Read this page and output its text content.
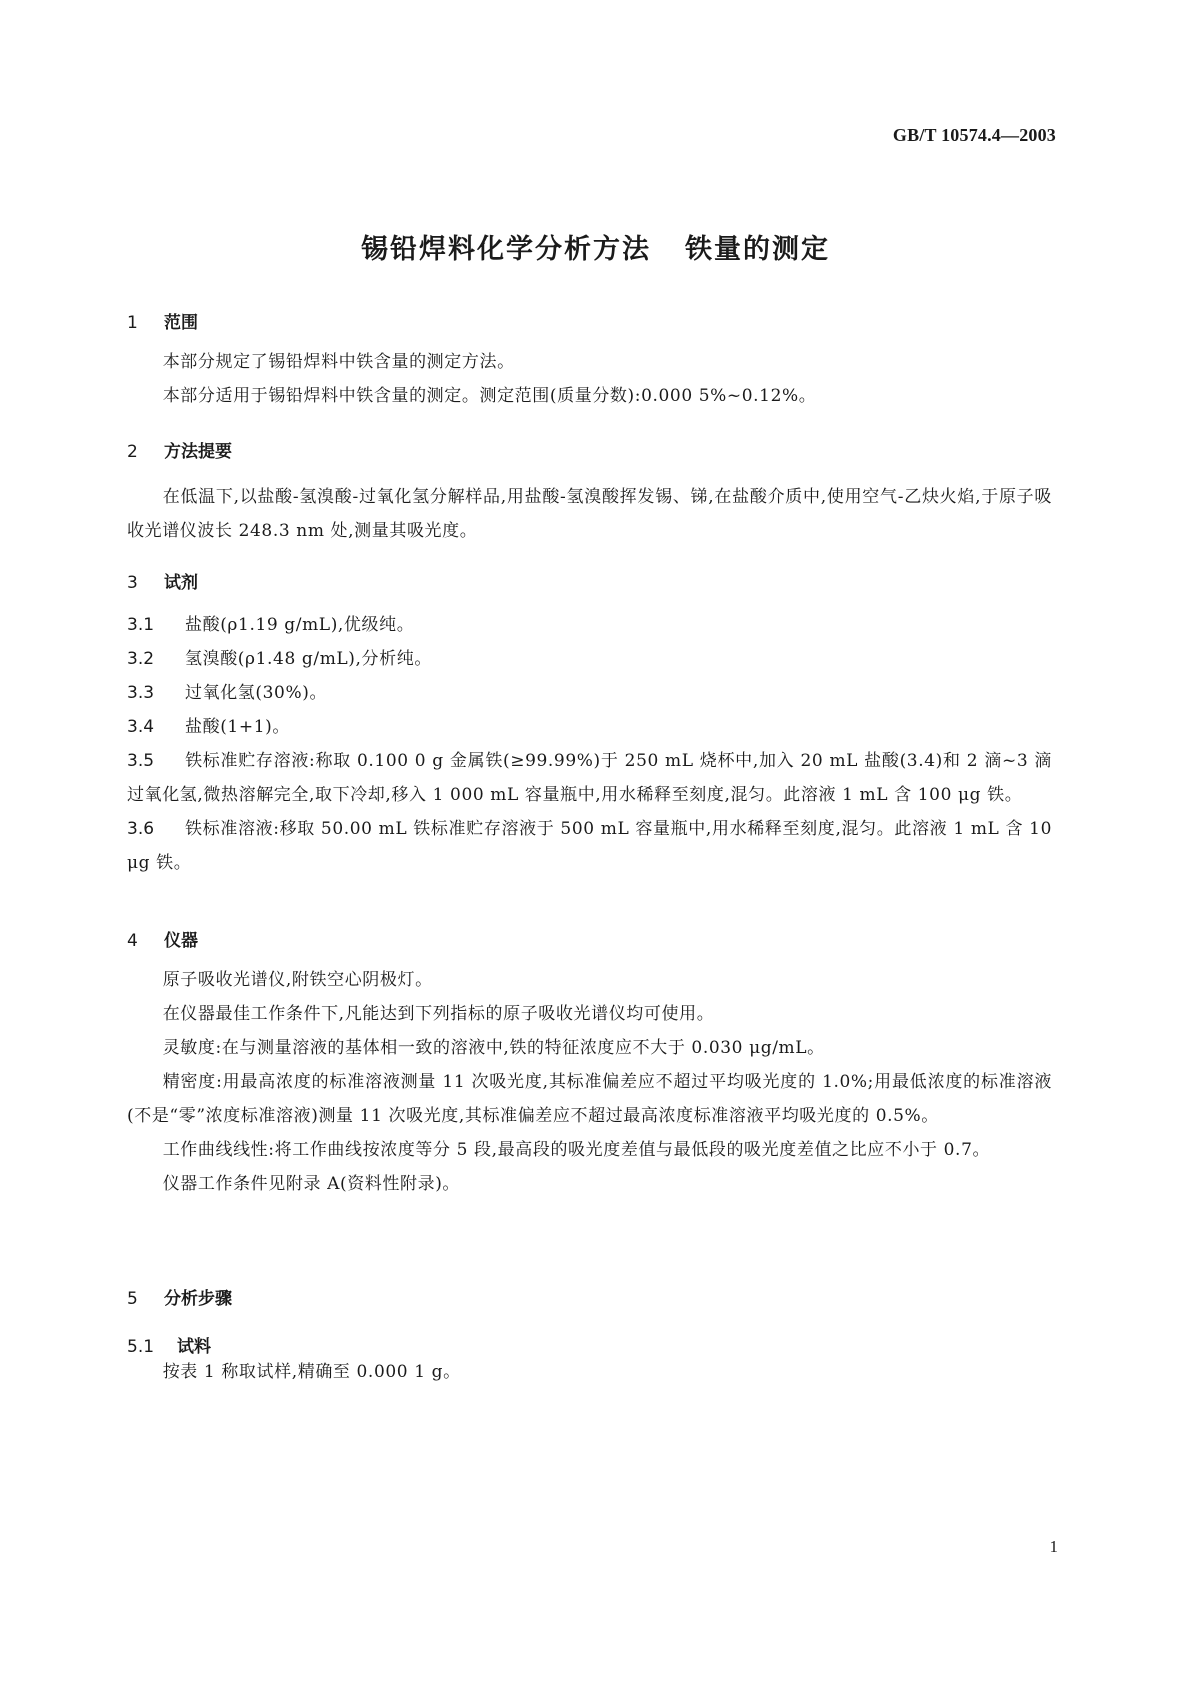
GB/T 10574.4—2003
锡铅焊料化学分析方法 铁量的测定
1 范围
本部分规定了锡铅焊料中铁含量的测定方法。
本部分适用于锡铅焊料中铁含量的测定。测定范围(质量分数):0.000 5%~0.12%。
2 方法提要
在低温下,以盐酸-氢溴酸-过氧化氢分解样品,用盐酸-氢溴酸挥发锡、锑,在盐酸介质中,使用空气-乙炔火焰,于原子吸收光谱仪波长 248.3 nm 处,测量其吸光度。
3 试剂
3.1 盐酸(ρ1.19 g/mL),优级纯。
3.2 氢溴酸(ρ1.48 g/mL),分析纯。
3.3 过氧化氢(30%)。
3.4 盐酸(1+1)。
3.5 铁标准贮存溶液:称取 0.100 0 g 金属铁(≥99.99%)于 250 mL 烧杯中,加入 20 mL 盐酸(3.4)和 2 滴~3 滴过氧化氢,微热溶解完全,取下冷却,移入 1 000 mL 容量瓶中,用水稀释至刻度,混匀。此溶液 1 mL 含 100 μg 铁。
3.6 铁标准溶液:移取 50.00 mL 铁标准贮存溶液于 500 mL 容量瓶中,用水稀释至刻度,混匀。此溶液 1 mL 含 10 μg 铁。
4 仪器
原子吸收光谱仪,附铁空心阴极灯。
在仪器最佳工作条件下,凡能达到下列指标的原子吸收光谱仪均可使用。
灵敏度:在与测量溶液的基体相一致的溶液中,铁的特征浓度应不大于 0.030 μg/mL。
精密度:用最高浓度的标准溶液测量 11 次吸光度,其标准偏差应不超过平均吸光度的 1.0%;用最低浓度的标准溶液(不是“零”浓度标准溶液)测量 11 次吸光度,其标准偏差应不超过最高浓度标准溶液平均吸光度的 0.5%。
工作曲线线性:将工作曲线按浓度等分 5 段,最高段的吸光度差值与最低段的吸光度差值之比应不小于 0.7。
仪器工作条件见附录 A(资料性附录)。
5 分析步骤
5.1 试料
按表 1 称取试样,精确至 0.000 1 g。
1
